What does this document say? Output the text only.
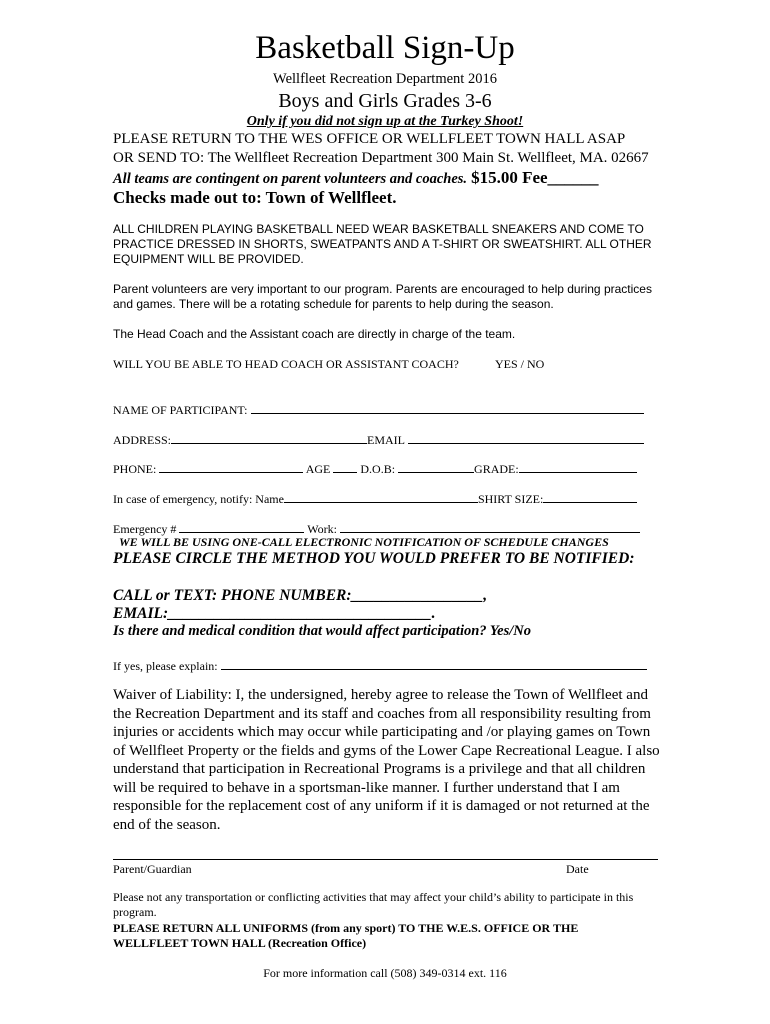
Basketball Sign-Up
Wellfleet Recreation Department 2016
Boys and Girls Grades 3-6
Only if you did not sign up at the Turkey Shoot!
PLEASE RETURN TO THE WES OFFICE OR WELLFLEET TOWN HALL ASAP
OR SEND TO: The Wellfleet Recreation Department 300 Main St. Wellfleet, MA. 02667
All teams are contingent on parent volunteers and coaches. $15.00 Fee______
Checks made out to: Town of Wellfleet.
ALL CHILDREN PLAYING BASKETBALL NEED WEAR BASKETBALL SNEAKERS AND COME TO PRACTICE DRESSED IN SHORTS, SWEATPANTS AND A T-SHIRT OR SWEATSHIRT. ALL OTHER EQUIPMENT WILL BE PROVIDED.
Parent volunteers are very important to our program. Parents are encouraged to help during practices and games. There will be a rotating schedule for parents to help during the season.
The Head Coach and the Assistant coach are directly in charge of the team.
WILL YOU BE ABLE TO HEAD COACH OR ASSISTANT COACH?	YES / NO
NAME OF PARTICIPANT:
ADDRESS:	EMAIL
PHONE:	AGE	D.O.B:	GRADE:
In case of emergency, notify: Name	SHIRT SIZE:
Emergency #	Work:
WE WILL BE USING ONE-CALL ELECTRONIC NOTIFICATION OF SCHEDULE CHANGES
PLEASE CIRCLE THE METHOD YOU WOULD PREFER TO BE NOTIFIED:
CALL or TEXT: PHONE NUMBER:_________________,
EMAIL:__________________________________.
Is there and medical condition that would affect participation? Yes/No
If yes, please explain:
Waiver of Liability: I, the undersigned, hereby agree to release the Town of Wellfleet and the Recreation Department and its staff and coaches from all responsibility resulting from injuries or accidents which may occur while participating and /or playing games on Town of Wellfleet Property or the fields and gyms of the Lower Cape Recreational League. I also understand that participation in Recreational Programs is a privilege and that all children will be required to behave in a sportsman-like manner. I further understand that I am responsible for the replacement cost of any uniform if it is damaged or not returned at the end of the season.
Parent/Guardian	Date
Please not any transportation or conflicting activities that may affect your child’s ability to participate in this program.
PLEASE RETURN ALL UNIFORMS (from any sport) TO THE W.E.S. OFFICE OR THE WELLFLEET TOWN HALL (Recreation Office)
For more information call (508) 349-0314 ext. 116
